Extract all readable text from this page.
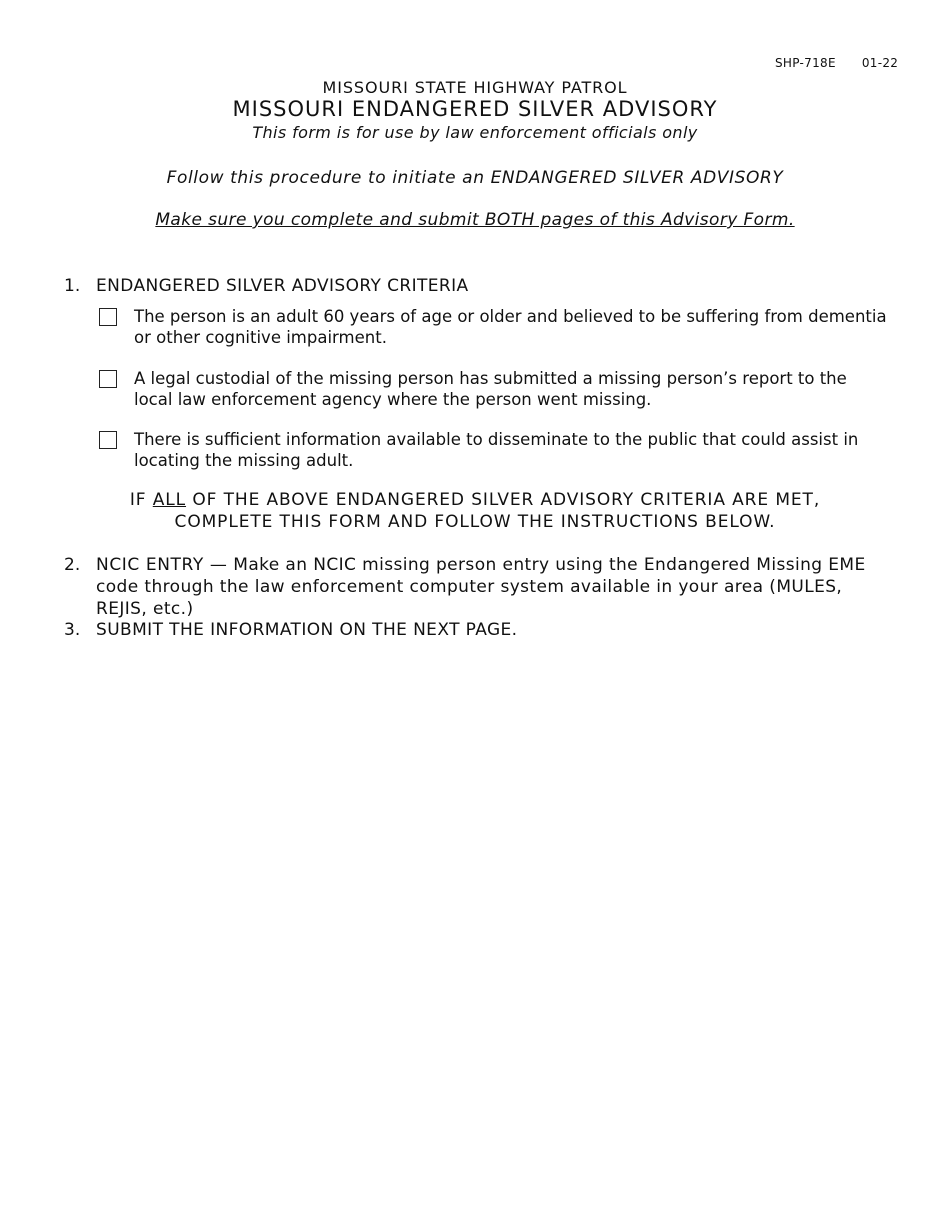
SHP-718E 01-22
MISSOURI STATE HIGHWAY PATROL
MISSOURI ENDANGERED SILVER ADVISORY
This form is for use by law enforcement officials only
Follow this procedure to initiate an ENDANGERED SILVER ADVISORY
Make sure you complete and submit BOTH pages of this Advisory Form.
1. ENDANGERED SILVER ADVISORY CRITERIA
The person is an adult 60 years of age or older and believed to be suffering from dementia or other cognitive impairment.
A legal custodial of the missing person has submitted a missing person’s report to the local law enforcement agency where the person went missing.
There is sufficient information available to disseminate to the public that could assist in locating the missing adult.
IF ALL OF THE ABOVE ENDANGERED SILVER ADVISORY CRITERIA ARE MET,
COMPLETE THIS FORM AND FOLLOW THE INSTRUCTIONS BELOW.
2. NCIC ENTRY — Make an NCIC missing person entry using the Endangered Missing EME code through the law enforcement computer system available in your area (MULES, REJIS, etc.)
3. SUBMIT THE INFORMATION ON THE NEXT PAGE.
